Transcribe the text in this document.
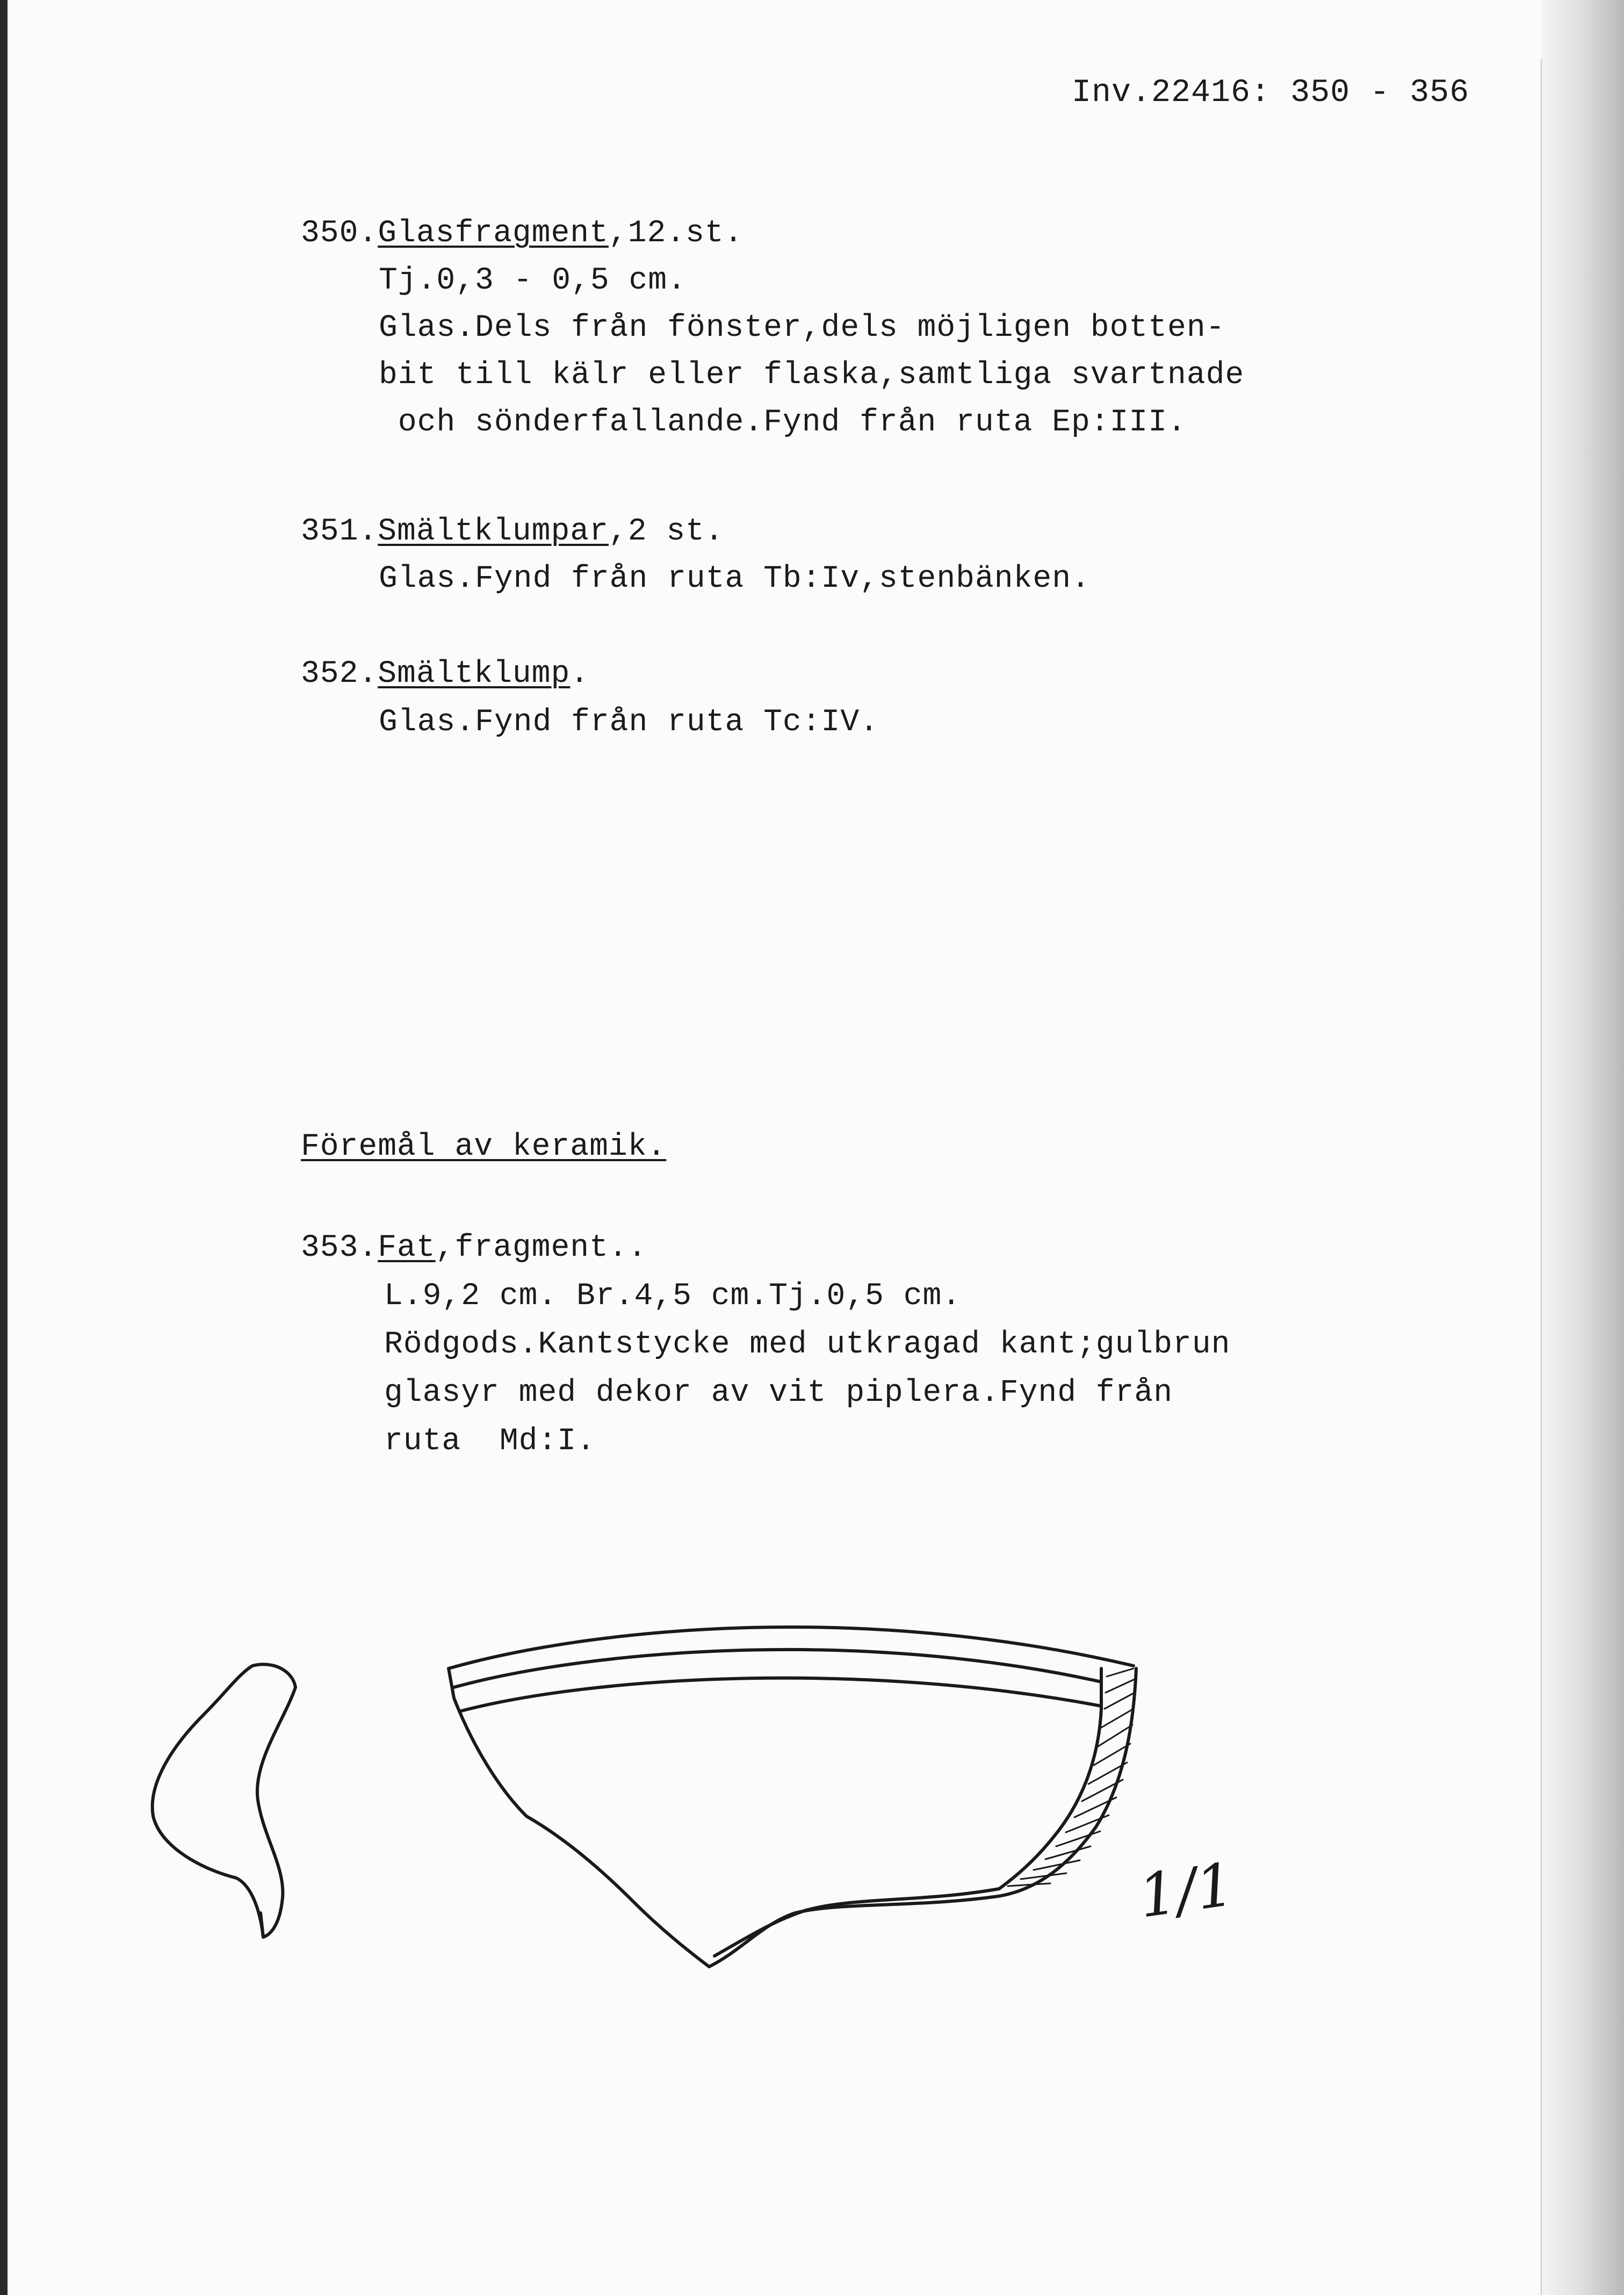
Inv.22416: 350 - 356
350.Glasfragment,12.st.
Tj.0,3 - 0,5 cm.
Glas.Dels från fönster,dels möjligen botten-
bit till kälr eller flaska,samtliga svartnade
och sönderfallande.Fynd från ruta Ep:III.
351.Smältklumpar,2 st.
Glas.Fynd från ruta Tb:Iv,stenbänken.
352.Smältklump.
Glas.Fynd från ruta Tc:IV.
Föremål av keramik.
353.Fat,fragment..
L.9,2 cm. Br.4,5 cm.Tj.0,5 cm.
Rödgods.Kantstycke med utkragad kant;gulbrun
glasyr med dekor av vit piplera.Fynd från
ruta  Md:I.
1/1
